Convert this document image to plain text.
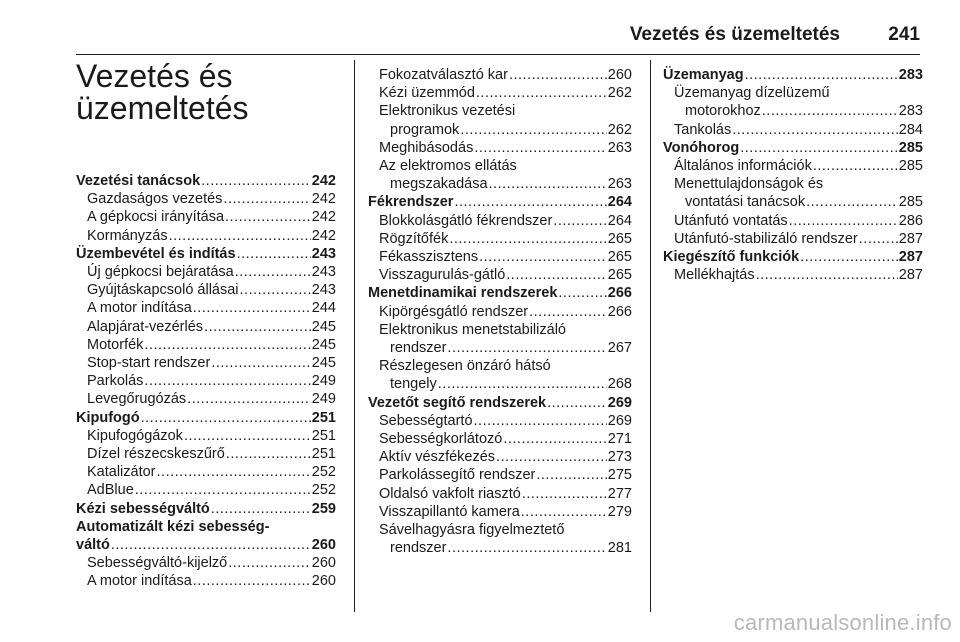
Vezetés és üzemeltetés	241
Vezetés és
üzemeltetés
Vezetési tanácsok .....	242
Gazdaságos vezetés .....	242
A gépkocsi irányítása .....	242
Kormányzás .....	242
Üzembevétel és indítás .....	243
Új gépkocsi bejáratása .....	243
Gyújtáskapcsoló állásai .....	243
A motor indítása .....	244
Alapjárat-vezérlés .....	245
Motorfék .....	245
Stop-start rendszer .....	245
Parkolás .....	249
Levegőrugózás .....	249
Kipufogó .....	251
Kipufogógázok .....	251
Dízel részecskeszűrő .....	251
Katalizátor .....	252
AdBlue .....	252
Kézi sebességváltó .....	259
Automatizált kézi sebesség-
váltó .....	260
Sebességváltó-kijelző .....	260
A motor indítása .....	260
Fokozatválasztó kar .....	260
Kézi üzemmód .....	262
Elektronikus vezetési
programok .....	262
Meghibásodás .....	263
Az elektromos ellátás
megszakadása .....	263
Fékrendszer .....	264
Blokkolásgátló fékrendszer .....	264
Rögzítőfék .....	265
Fékasszisztens .....	265
Visszagurulás-gátló .....	265
Menetdinamikai rendszerek .....	266
Kipörgésgátló rendszer .....	266
Elektronikus menetstabilizáló
rendszer .....	267
Részlegesen önzáró hátsó
tengely .....	268
Vezetőt segítő rendszerek .....	269
Sebességtartó .....	269
Sebességkorlátozó .....	271
Aktív vészfékezés .....	273
Parkolássegítő rendszer .....	275
Oldalsó vakfolt riasztó .....	277
Visszapillantó kamera .....	279
Sávelhagyásra figyelmeztető
rendszer .....	281
Üzemanyag .....	283
Üzemanyag dízelüzemű
motorokhoz .....	283
Tankolás .....	284
Vonóhorog .....	285
Általános információk .....	285
Menettulajdonságok és
vontatási tanácsok .....	285
Utánfutó vontatás .....	286
Utánfutó-stabilizáló rendszer .....	287
Kiegészítő funkciók .....	287
Mellékhajtás .....	287
carmanualsonline.info
